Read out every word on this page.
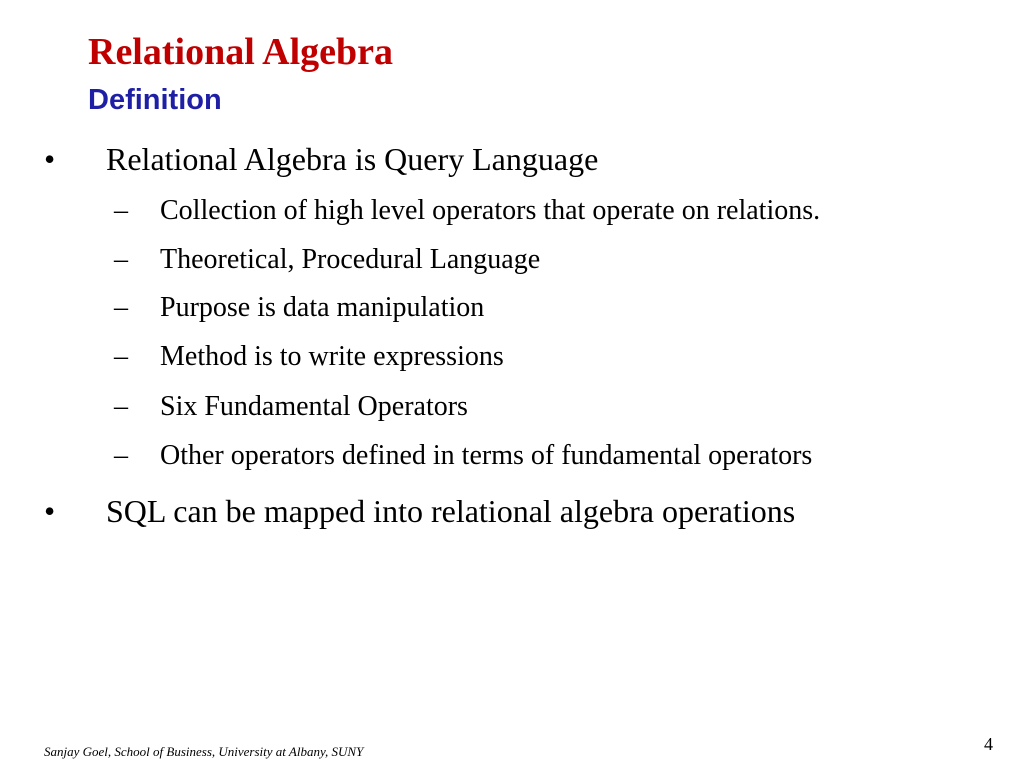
Relational Algebra
Definition
• Relational Algebra is Query Language
– Collection of high level operators that operate on relations.
– Theoretical, Procedural Language
– Purpose is data manipulation
– Method is to write expressions
– Six Fundamental Operators
– Other operators defined in terms of fundamental operators
• SQL can be mapped into relational algebra operations
Sanjay Goel, School of Business, University at Albany, SUNY	4
